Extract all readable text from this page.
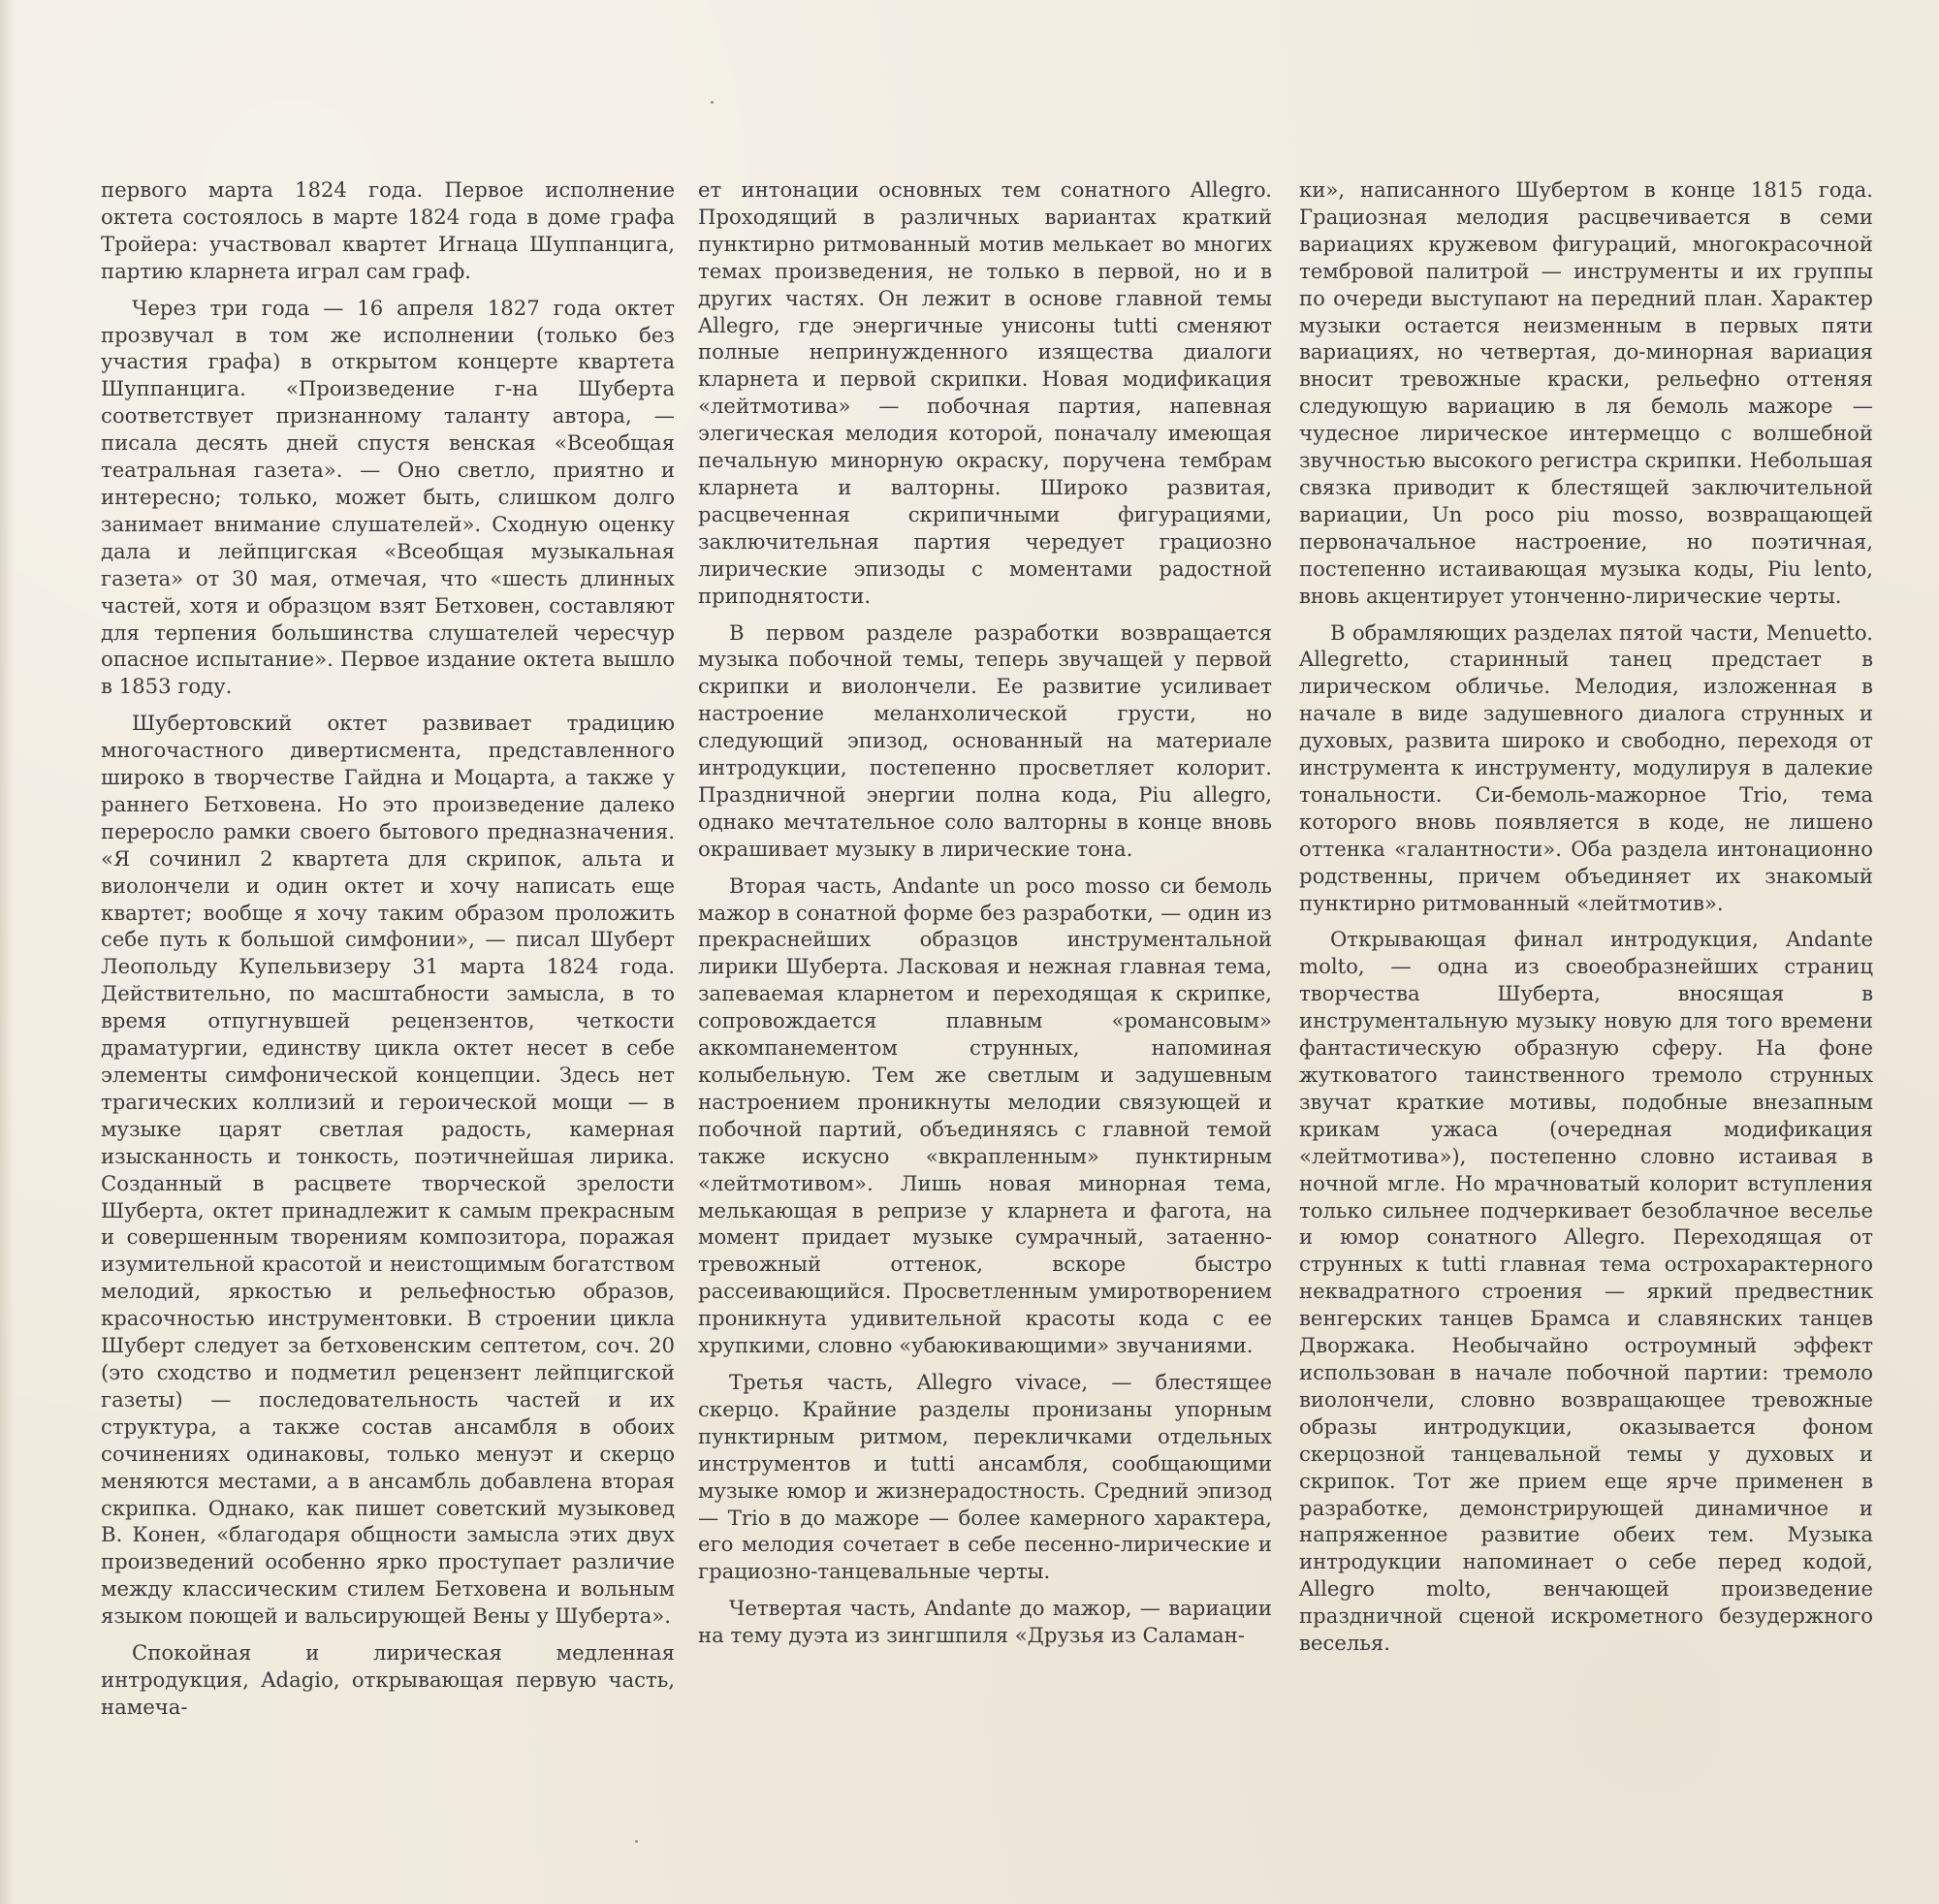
первого марта 1824 года. Первое исполнение октета состоялось в марте 1824 года в доме графа Тройера: участвовал квартет Игнаца Шуппанцига, партию кларнета играл сам граф.

Через три года — 16 апреля 1827 года октет прозвучал в том же исполнении (только без участия графа) в открытом концерте квартета Шуппанцига. «Произведение г-на Шуберта соответствует признанному таланту автора, — писала десять дней спустя венская «Всеобщая театральная газета». — Оно светло, приятно и интересно; только, может быть, слишком долго занимает внимание слушателей». Сходную оценку дала и лейпцигская «Всеобщая музыкальная газета» от 30 мая, отмечая, что «шесть длинных частей, хотя и образцом взят Бетховен, составляют для терпения большинства слушателей чересчур опасное испытание». Первое издание октета вышло в 1853 году.

Шубертовский октет развивает традицию многочастного дивертисмента, представленного широко в творчестве Гайдна и Моцарта, а также у раннего Бетховена. Но это произведение далеко переросло рамки своего бытового предназначения. «Я сочинил 2 квартета для скрипок, альта и виолончели и один октет и хочу написать еще квартет; вообще я хочу таким образом проложить себе путь к большой симфонии», — писал Шуберт Леопольду Купельвизеру 31 марта 1824 года. Действительно, по масштабности замысла, в то время отпугнувшей рецензентов, четкости драматургии, единству цикла октет несет в себе элементы симфонической концепции. Здесь нет трагических коллизий и героической мощи — в музыке царят светлая радость, камерная изысканность и тонкость, поэтичнейшая лирика. Созданный в расцвете творческой зрелости Шуберта, октет принадлежит к самым прекрасным и совершенным творениям композитора, поражая изумительной красотой и неистощимым богатством мелодий, яркостью и рельефностью образов, красочностью инструментовки. В строении цикла Шуберт следует за бетховенским септетом, соч. 20 (это сходство и подметил рецензент лейпцигской газеты) — последовательность частей и их структура, а также состав ансамбля в обоих сочинениях одинаковы, только менуэт и скерцо меняются местами, а в ансамбль добавлена вторая скрипка. Однако, как пишет советский музыковед В. Конен, «благодаря общности замысла этих двух произведений особенно ярко проступает различие между классическим стилем Бетховена и вольным языком поющей и вальсирующей Вены у Шуберта».

Спокойная и лирическая медленная интродукция, Adagio, открывающая первую часть, намеча-

ет интонации основных тем сонатного Allegro. Проходящий в различных вариантах краткий пунктирно ритмованный мотив мелькает во многих темах произведения, не только в первой, но и в других частях. Он лежит в основе главной темы Allegro, где энергичные унисоны tutti сменяют полные непринужденного изящества диалоги кларнета и первой скрипки. Новая модификация «лейтмотива» — побочная партия, напевная элегическая мелодия которой, поначалу имеющая печальную минорную окраску, поручена тембрам кларнета и валторны. Широко развитая, расцвеченная скрипичными фигурациями, заключительная партия чередует грациозно лирические эпизоды с моментами радостной приподнятости.

В первом разделе разработки возвращается музыка побочной темы, теперь звучащей у первой скрипки и виолончели. Ее развитие усиливает настроение меланхолической грусти, но следующий эпизод, основанный на материале интродукции, постепенно просветляет колорит. Праздничной энергии полна кода, Piu allegro, однако мечтательное соло валторны в конце вновь окрашивает музыку в лирические тона.

Вторая часть, Andante un poco mosso си бемоль мажор в сонатной форме без разработки, — один из прекраснейших образцов инструментальной лирики Шуберта. Ласковая и нежная главная тема, запеваемая кларнетом и переходящая к скрипке, сопровождается плавным «романсовым» аккомпанементом струнных, напоминая колыбельную. Тем же светлым и задушевным настроением проникнуты мелодии связующей и побочной партий, объединяясь с главной темой также искусно «вкрапленным» пунктирным «лейтмотивом». Лишь новая минорная тема, мелькающая в репризе у кларнета и фагота, на момент придает музыке сумрачный, затаенно-тревожный оттенок, вскоре быстро рассеивающийся. Просветленным умиротворением проникнута удивительной красоты кода с ее хрупкими, словно «убаюкивающими» звучаниями.

Третья часть, Allegro vivace, — блестящее скерцо. Крайние разделы пронизаны упорным пунктирным ритмом, перекличками отдельных инструментов и tutti ансамбля, сообщающими музыке юмор и жизнерадостность. Средний эпизод — Trio в до мажоре — более камерного характера, его мелодия сочетает в себе песенно-лирические и грациозно-танцевальные черты.

Четвертая часть, Andante до мажор, — вариации на тему дуэта из зингшпиля «Друзья из Саламан-

ки», написанного Шубертом в конце 1815 года. Грациозная мелодия расцвечивается в семи вариациях кружевом фигураций, многокрасочной тембровой палитрой — инструменты и их группы по очереди выступают на передний план. Характер музыки остается неизменным в первых пяти вариациях, но четвертая, до-минорная вариация вносит тревожные краски, рельефно оттеняя следующую вариацию в ля бемоль мажоре — чудесное лирическое интермеццо с волшебной звучностью высокого регистра скрипки. Небольшая связка приводит к блестящей заключительной вариации, Un poco piu mosso, возвращающей первоначальное настроение, но поэтичная, постепенно истаивающая музыка коды, Piu lento, вновь акцентирует утонченно-лирические черты.

В обрамляющих разделах пятой части, Menuetto. Allegretto, старинный танец предстает в лирическом обличье. Мелодия, изложенная в начале в виде задушевного диалога струнных и духовых, развита широко и свободно, переходя от инструмента к инструменту, модулируя в далекие тональности. Си-бемоль-мажорное Trio, тема которого вновь появляется в коде, не лишено оттенка «галантности». Оба раздела интонационно родственны, причем объединяет их знакомый пунктирно ритмованный «лейтмотив».

Открывающая финал интродукция, Andante molto, — одна из своеобразнейших страниц творчества Шуберта, вносящая в инструментальную музыку новую для того времени фантастическую образную сферу. На фоне жутковатого таинственного тремоло струнных звучат краткие мотивы, подобные внезапным крикам ужаса (очередная модификация «лейтмотива»), постепенно словно истаивая в ночной мгле. Но мрачноватый колорит вступления только сильнее подчеркивает безоблачное веселье и юмор сонатного Allegro. Переходящая от струнных к tutti главная тема острохарактерного неквадратного строения — яркий предвестник венгерских танцев Брамса и славянских танцев Дворжака. Необычайно остроумный эффект использован в начале побочной партии: тремоло виолончели, словно возвращающее тревожные образы интродукции, оказывается фоном скерцозной танцевальной темы у духовых и скрипок. Тот же прием еще ярче применен в разработке, демонстрирующей динамичное и напряженное развитие обеих тем. Музыка интродукции напоминает о себе перед кодой, Allegro molto, венчающей произведение праздничной сценой искрометного безудержного веселья.
